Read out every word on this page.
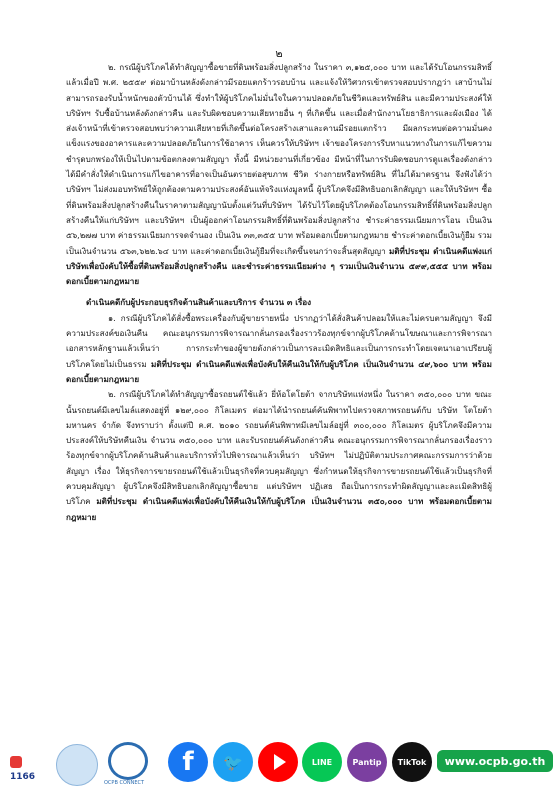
๒

๒. กรณีผู้บริโภคได้ทำสัญญาซื้อขายที่ดินพร้อมสิ่งปลูกสร้าง ในราคา ๓,๑๒๕,๐๐๐ บาท และได้รับโอนกรรมสิทธิ์แล้วเมื่อปี พ.ศ. ๒๕๕๙ ต่อมาบ้านหลังดังกล่าวมีรอยแตกร้าวรอบบ้าน และแจ้งให้วิศวกรเข้าตรวจสอบปรากฏว่า เสาบ้านไม่สามารถรองรับน้ำหนักของตัวบ้านได้ ซึ่งทำให้ผู้บริโภคไม่มั่นใจในความปลอดภัยในชีวิตและทรัพย์สิน และมีความประสงค์ให้บริษัทฯ รับซื้อบ้านหลังดังกล่าวคืน และรับผิดชอบความเสียหายอื่น ๆ ที่เกิดขึ้น และเมื่อสำนักงานโยธาธิการและผังเมือง ได้ส่งเจ้าหน้าที่เข้าตรวจสอบพบว่าความเสียหายที่เกิดขึ้นต่อโครงสร้างเสาและคานมีรอยแตกร้าว มีผลกระทบต่อความมั่นคงแข็งแรงของอาคารและความปลอดภัยในการใช้อาคาร เห็นควรให้บริษัทฯ เจ้าของโครงการรีบหาแนวทางในการแก้ไขความชำรุดบกพร่องให้เป็นไปตามข้อตกลงตามสัญญา ทั้งนี้ มีหน่วยงานที่เกี่ยวข้อง มีหน้าที่ในการรับผิดชอบการดูแลเรื่องดังกล่าว ได้มีคำสั่งให้ดำเนินการแก้ไขอาคารที่อาจเป็นอันตรายต่อสุขภาพ ชีวิต ร่างกายหรือทรัพย์สิน ที่ไม่ได้มาตรฐาน จึงฟังได้ว่าบริษัทฯ ไม่ส่งมอบทรัพย์ให้ถูกต้องตามความประสงค์อันแท้จริงแห่งมูลหนี้ ผู้บริโภคจึงมีสิทธิบอกเลิกสัญญา และให้บริษัทฯ ซื้อที่ดินพร้อมสิ่งปลูกสร้างคืนในราคาตามสัญญานับตั้งแต่วันที่บริษัทฯ ได้รับไว้โดยผู้บริโภคต้องโอนกรรมสิทธิ์ที่ดินพร้อมสิ่งปลูกสร้างคืนให้แก่บริษัทฯ และบริษัทฯ เป็นผู้ออกค่าโอนกรรมสิทธิ์ที่ดินพร้อมสิ่งปลูกสร้าง ชำระค่าธรรมเนียมการโอน เป็นเงิน ๕๖,๒๗๗ บาท ค่าธรรมเนียมการจดจำนอง เป็นเงิน ๓๓,๓๕๕ บาท พร้อมดอกเบี้ยตามกฎหมาย ชำระค่าดอกเบี้ยเงินกู้ยืม รวมเป็นเงินจำนวน ๕๖๓,๖๒๒.๖๔ บาท และค่าดอกเบี้ยเงินกู้ยืมที่จะเกิดขึ้นจนกว่าจะสิ้นสุดสัญญา มติที่ประชุม ดำเนินคดีแพ่งแก่บริษัทเพื่อบังคับให้ซื้อที่ดินพร้อมสิ่งปลูกสร้างคืน และชำระค่าธรรมเนียมต่าง ๆ รวมเป็นเงินจำนวน ๕๙๙,๕๕๕ บาท พร้อมดอกเบี้ยตามกฎหมาย

ดำเนินคดีกับผู้ประกอบธุรกิจด้านสินค้าและบริการ จำนวน ๓ เรื่อง

๑. กรณีผู้บริโภคได้สั่งซื้อพระเครื่องกับผู้ขายรายหนึ่ง ปรากฏว่าได้สั่งสินค้าปลอมให้และไม่ครบตามสัญญา จึงมีความประสงค์ขอเงินคืน คณะอนุกรรมการพิจารณากลั่นกรองเรื่องราวร้องทุกข์จากผู้บริโภคด้านโฆษณาและการพิจารณาเอกสารหลักฐานแล้วเห็นว่า การกระทำของผู้ขายดังกล่าวเป็นการละเมิดสิทธิและเป็นการกระทำโดยเจตนาเอาเปรียบผู้บริโภคโดยไม่เป็นธรรม มติที่ประชุม ดำเนินคดีแพ่งเพื่อบังคับให้คืนเงินให้กับผู้บริโภค เป็นเงินจำนวน ๔๙,๖๐๐ บาท พร้อมดอกเบี้ยตามกฎหมาย

๒. กรณีผู้บริโภคได้ทำสัญญาซื้อรถยนต์ใช้แล้ว ยี่ห้อโตโยต้า จากบริษัทแห่งหนึ่ง ในราคา ๓๕๐,๐๐๐ บาท ขณะนั้นรถยนต์มีเลขไมล์แสดงอยู่ที่ ๑๒๙,๐๐๐ กิโลเมตร ต่อมาได้นำรถยนต์คันพิพาทไปตรวจสภาพรถยนต์กับ บริษัท โตโยต้ามหานคร จำกัด จึงทราบว่า ตั้งแต่ปี ค.ศ. ๒๐๑๐ รถยนต์คันพิพาทมีเลขไมล์อยู่ที่ ๓๐๐,๐๐๐ กิโลเมตร ผู้บริโภคจึงมีความประสงค์ให้บริษัทคืนเงิน จำนวน ๓๕๐,๐๐๐ บาท และรับรถยนต์คันดังกล่าวคืน คณะอนุกรรมการพิจารณากลั่นกรองเรื่องราวร้องทุกข์จากผู้บริโภคด้านสินค้าและบริการทั่วไปพิจารณาแล้วเห็นว่า บริษัทฯ ไม่ปฏิบัติตามประกาศคณะกรรมการว่าด้วยสัญญา เรื่อง ให้ธุรกิจการขายรถยนต์ใช้แล้วเป็นธุรกิจที่ควบคุมสัญญา ซึ่งกำหนดให้ธุรกิจการขายรถยนต์ใช้แล้วเป็นธุรกิจที่ควบคุมสัญญา ผู้บริโภคจึงมีสิทธิบอกเลิกสัญญาซื้อขาย แต่บริษัทฯ ปฏิเสธ ถือเป็นการกระทำผิดสัญญาและละเมิดสิทธิผู้บริโภค มติที่ประชุม ดำเนินคดีแพ่งเพื่อบังคับให้คืนเงินให้กับผู้บริโภค เป็นเงินจำนวน ๓๕๐,๐๐๐ บาท พร้อมดอกเบี้ยตามกฎหมาย

1166
OCPB CONNECT
f	🐦	LINE	Pantip	TikTok	www.ocpb.go.th
